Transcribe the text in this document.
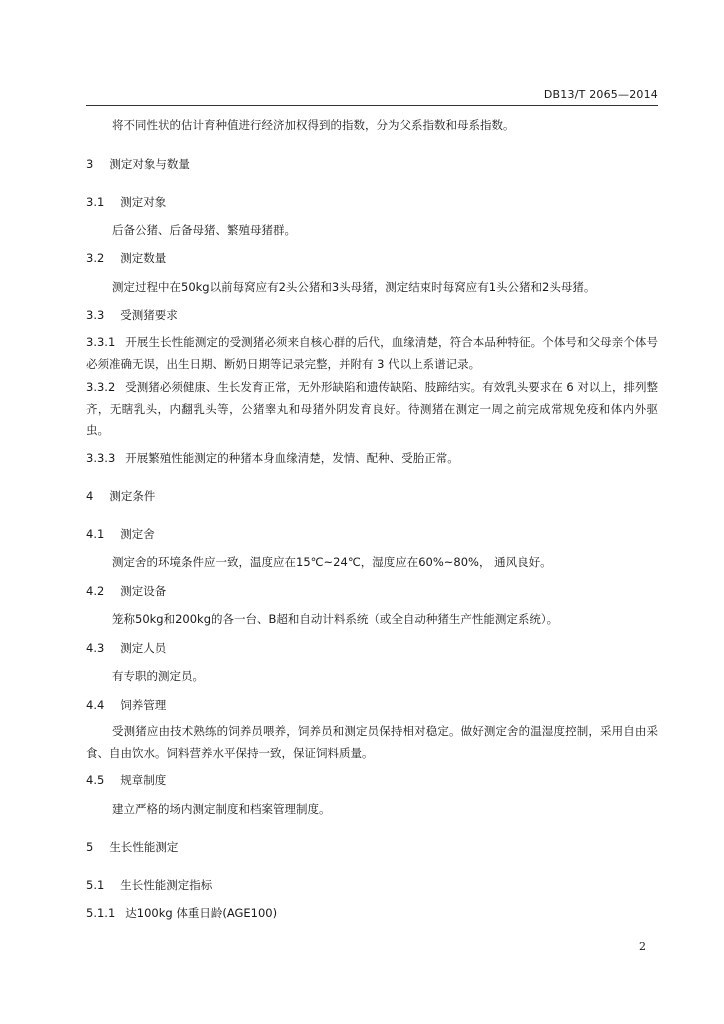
DB13/T 2065—2014
将不同性状的估计育种值进行经济加权得到的指数，分为父系指数和母系指数。
3 测定对象与数量
3.1 测定对象
后备公猪、后备母猪、繁殖母猪群。
3.2 测定数量
测定过程中在50kg以前每窝应有2头公猪和3头母猪，测定结束时每窝应有1头公猪和2头母猪。
3.3 受测猪要求
3.3.1 开展生长性能测定的受测猪必须来自核心群的后代，血缘清楚，符合本品种特征。个体号和父母亲个体号必须准确无误，出生日期、断奶日期等记录完整，并附有 3 代以上系谱记录。
3.3.2 受测猪必须健康、生长发育正常，无外形缺陷和遗传缺陷、肢蹄结实。有效乳头要求在 6 对以上，排列整齐，无瞎乳头，内翻乳头等，公猪睾丸和母猪外阴发育良好。待测猪在测定一周之前完成常规免疫和体内外驱虫。
3.3.3 开展繁殖性能测定的种猪本身血缘清楚，发情、配种、受胎正常。
4 测定条件
4.1 测定舍
测定舍的环境条件应一致，温度应在15℃~24℃，湿度应在60%~80%， 通风良好。
4.2 测定设备
笼称50kg和200kg的各一台、B超和自动计料系统（或全自动种猪生产性能测定系统）。
4.3 测定人员
有专职的测定员。
4.4 饲养管理
受测猪应由技术熟练的饲养员喂养，饲养员和测定员保持相对稳定。做好测定舍的温湿度控制，采用自由采食、自由饮水。饲料营养水平保持一致，保证饲料质量。
4.5 规章制度
建立严格的场内测定制度和档案管理制度。
5 生长性能测定
5.1 生长性能测定指标
5.1.1 达100kg 体重日龄(AGE100)
2
